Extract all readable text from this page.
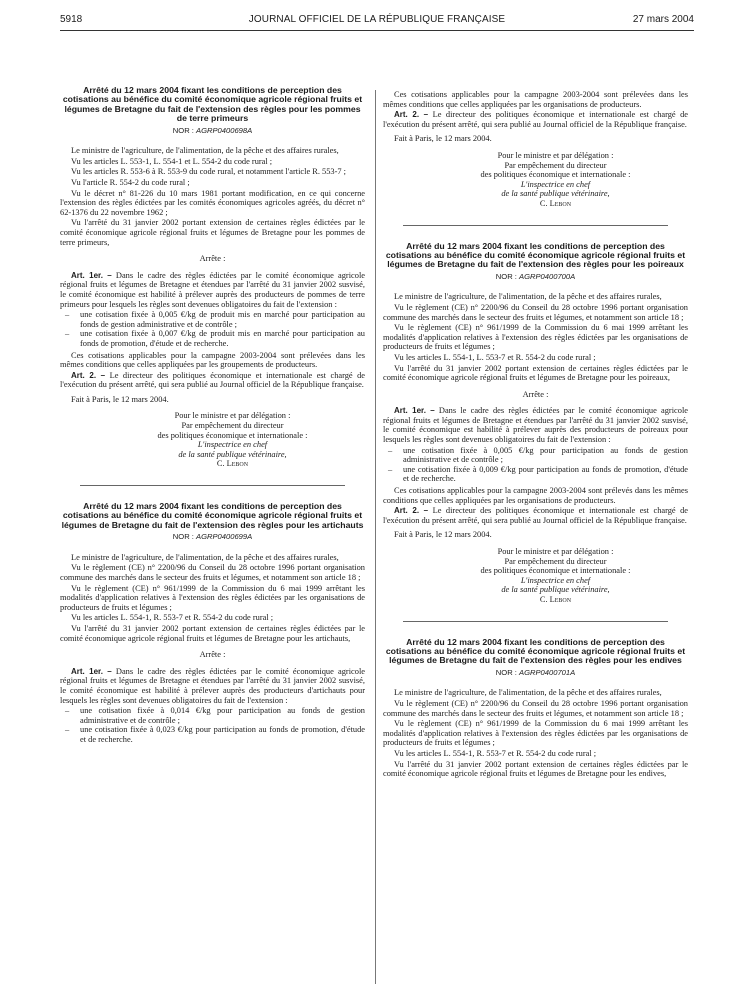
5918	JOURNAL OFFICIEL DE LA RÉPUBLIQUE FRANÇAISE	27 mars 2004
Arrêté du 12 mars 2004 fixant les conditions de perception des cotisations au bénéfice du comité économique agricole régional fruits et légumes de Bretagne du fait de l'extension des règles pour les pommes de terre primeurs
NOR : AGRP0400698A

Le ministre de l'agriculture, de l'alimentation, de la pêche et des affaires rurales,

Vu les articles L. 553-1, L. 554-1 et L. 554-2 du code rural ;

Vu les articles R. 553-6 à R. 553-9 du code rural, et notamment l'article R. 553-7 ;

Vu l'article R. 554-2 du code rural ;

Vu le décret n° 81-226 du 10 mars 1981 portant modification, en ce qui concerne l'extension des règles édictées par les comités économiques agricoles agréés, du décret n° 62-1376 du 22 novembre 1962 ;

Vu l'arrêté du 31 janvier 2002 portant extension de certaines règles édictées par le comité économique agricole régional fruits et légumes de Bretagne pour les pommes de terre primeurs,

Arrête :

Art. 1er. – Dans le cadre des règles édictées par le comité économique agricole régional fruits et légumes de Bretagne et étendues par l'arrêté du 31 janvier 2002 susvisé, le comité économique est habilité à prélever auprès des producteurs de pommes de terre primeurs pour lesquels les règles sont devenues obligatoires du fait de l'extension :

– une cotisation fixée à 0,005 €/kg de produit mis en marché pour participation au fonds de gestion administrative et de contrôle ;
– une cotisation fixée à 0,007 €/kg de produit mis en marché pour participation au fonds de promotion, d'étude et de recherche.

Ces cotisations applicables pour la campagne 2003-2004 sont prélevées dans les mêmes conditions que celles appliquées par les groupements de producteurs.

Art. 2. – Le directeur des politiques économique et internationale est chargé de l'exécution du présent arrêté, qui sera publié au Journal officiel de la République française.

Fait à Paris, le 12 mars 2004.

Pour le ministre et par délégation :
Par empêchement du directeur
des politiques économique et internationale :
L'inspectrice en chef
de la santé publique vétérinaire,
C. Lebon
Arrêté du 12 mars 2004 fixant les conditions de perception des cotisations au bénéfice du comité économique agricole régional fruits et légumes de Bretagne du fait de l'extension des règles pour les artichauts
NOR : AGRP0400699A

Le ministre de l'agriculture, de l'alimentation, de la pêche et des affaires rurales,

Vu le règlement (CE) n° 2200/96 du Conseil du 28 octobre 1996 portant organisation commune des marchés dans le secteur des fruits et légumes, et notamment son article 18 ;

Vu le règlement (CE) n° 961/1999 de la Commission du 6 mai 1999 arrêtant les modalités d'application relatives à l'extension des règles édictées par les organisations de producteurs de fruits et légumes ;

Vu les articles L. 554-1, R. 553-7 et R. 554-2 du code rural ;

Vu l'arrêté du 31 janvier 2002 portant extension de certaines règles édictées par le comité économique agricole régional fruits et légumes de Bretagne pour les artichauts,

Arrête :

Art. 1er. – Dans le cadre des règles édictées par le comité économique agricole régional fruits et légumes de Bretagne et étendues par l'arrêté du 31 janvier 2002 susvisé, le comité économique est habilité à prélever auprès des producteurs d'artichauts pour lesquels les règles sont devenues obligatoires du fait de l'extension :

– une cotisation fixée à 0,014 €/kg pour participation au fonds de gestion administrative et de contrôle ;
– une cotisation fixée à 0,023 €/kg pour participation au fonds de promotion, d'étude et de recherche.

Ces cotisations applicables pour la campagne 2003-2004 sont prélevées dans les mêmes conditions que celles appliquées par les organisations de producteurs.

Art. 2. – Le directeur des politiques économique et internationale est chargé de l'exécution du présent arrêté, qui sera publié au Journal officiel de la République française.

Fait à Paris, le 12 mars 2004.

Pour le ministre et par délégation :
Par empêchement du directeur
des politiques économique et internationale :
L'inspectrice en chef
de la santé publique vétérinaire,
C. Lebon
Arrêté du 12 mars 2004 fixant les conditions de perception des cotisations au bénéfice du comité économique agricole régional fruits et légumes de Bretagne du fait de l'extension des règles pour les poireaux
NOR : AGRP0400700A

Le ministre de l'agriculture, de l'alimentation, de la pêche et des affaires rurales,

Vu le règlement (CE) n° 2200/96 du Conseil du 28 octobre 1996 portant organisation commune des marchés dans le secteur des fruits et légumes, et notamment son article 18 ;

Vu le règlement (CE) n° 961/1999 de la Commission du 6 mai 1999 arrêtant les modalités d'application relatives à l'extension des règles édictées par les organisations de producteurs de fruits et légumes ;

Vu les articles L. 554-1, L. 553-7 et R. 554-2 du code rural ;

Vu l'arrêté du 31 janvier 2002 portant extension de certaines règles édictées par le comité économique agricole régional fruits et légumes de Bretagne pour les poireaux,

Arrête :

Art. 1er. – Dans le cadre des règles édictées par le comité économique agricole régional fruits et légumes de Bretagne et étendues par l'arrêté du 31 janvier 2002 susvisé, le comité économique est habilité à prélever auprès des producteurs de poireaux pour lesquels les règles sont devenues obligatoires du fait de l'extension :

– une cotisation fixée à 0,005 €/kg pour participation au fonds de gestion administrative et de contrôle ;
– une cotisation fixée à 0,009 €/kg pour participation au fonds de promotion, d'étude et de recherche.

Ces cotisations applicables pour la campagne 2003-2004 sont prélevés dans les mêmes conditions que celles appliquées par les organisations de producteurs.

Art. 2. – Le directeur des politiques économique et internationale est chargé de l'exécution du présent arrêté, qui sera publié au Journal officiel de la République française.

Fait à Paris, le 12 mars 2004.

Pour le ministre et par délégation :
Par empêchement du directeur
des politiques économique et internationale :
L'inspectrice en chef
de la santé publique vétérinaire,
C. Lebon
Arrêté du 12 mars 2004 fixant les conditions de perception des cotisations au bénéfice du comité économique agricole régional fruits et légumes de Bretagne du fait de l'extension des règles pour les endives
NOR : AGRP0400701A

Le ministre de l'agriculture, de l'alimentation, de la pêche et des affaires rurales,

Vu le règlement (CE) n° 2200/96 du Conseil du 28 octobre 1996 portant organisation commune des marchés dans le secteur des fruits et légumes, et notamment son article 18 ;

Vu le règlement (CE) n° 961/1999 de la Commission du 6 mai 1999 arrêtant les modalités d'application relatives à l'extension des règles édictées par les organisations de producteurs de fruits et légumes ;

Vu les articles L. 554-1, R. 553-7 et R. 554-2 du code rural ;

Vu l'arrêté du 31 janvier 2002 portant extension de certaines règles édictées par le comité économique agricole régional fruits et légumes de Bretagne pour les endives,
